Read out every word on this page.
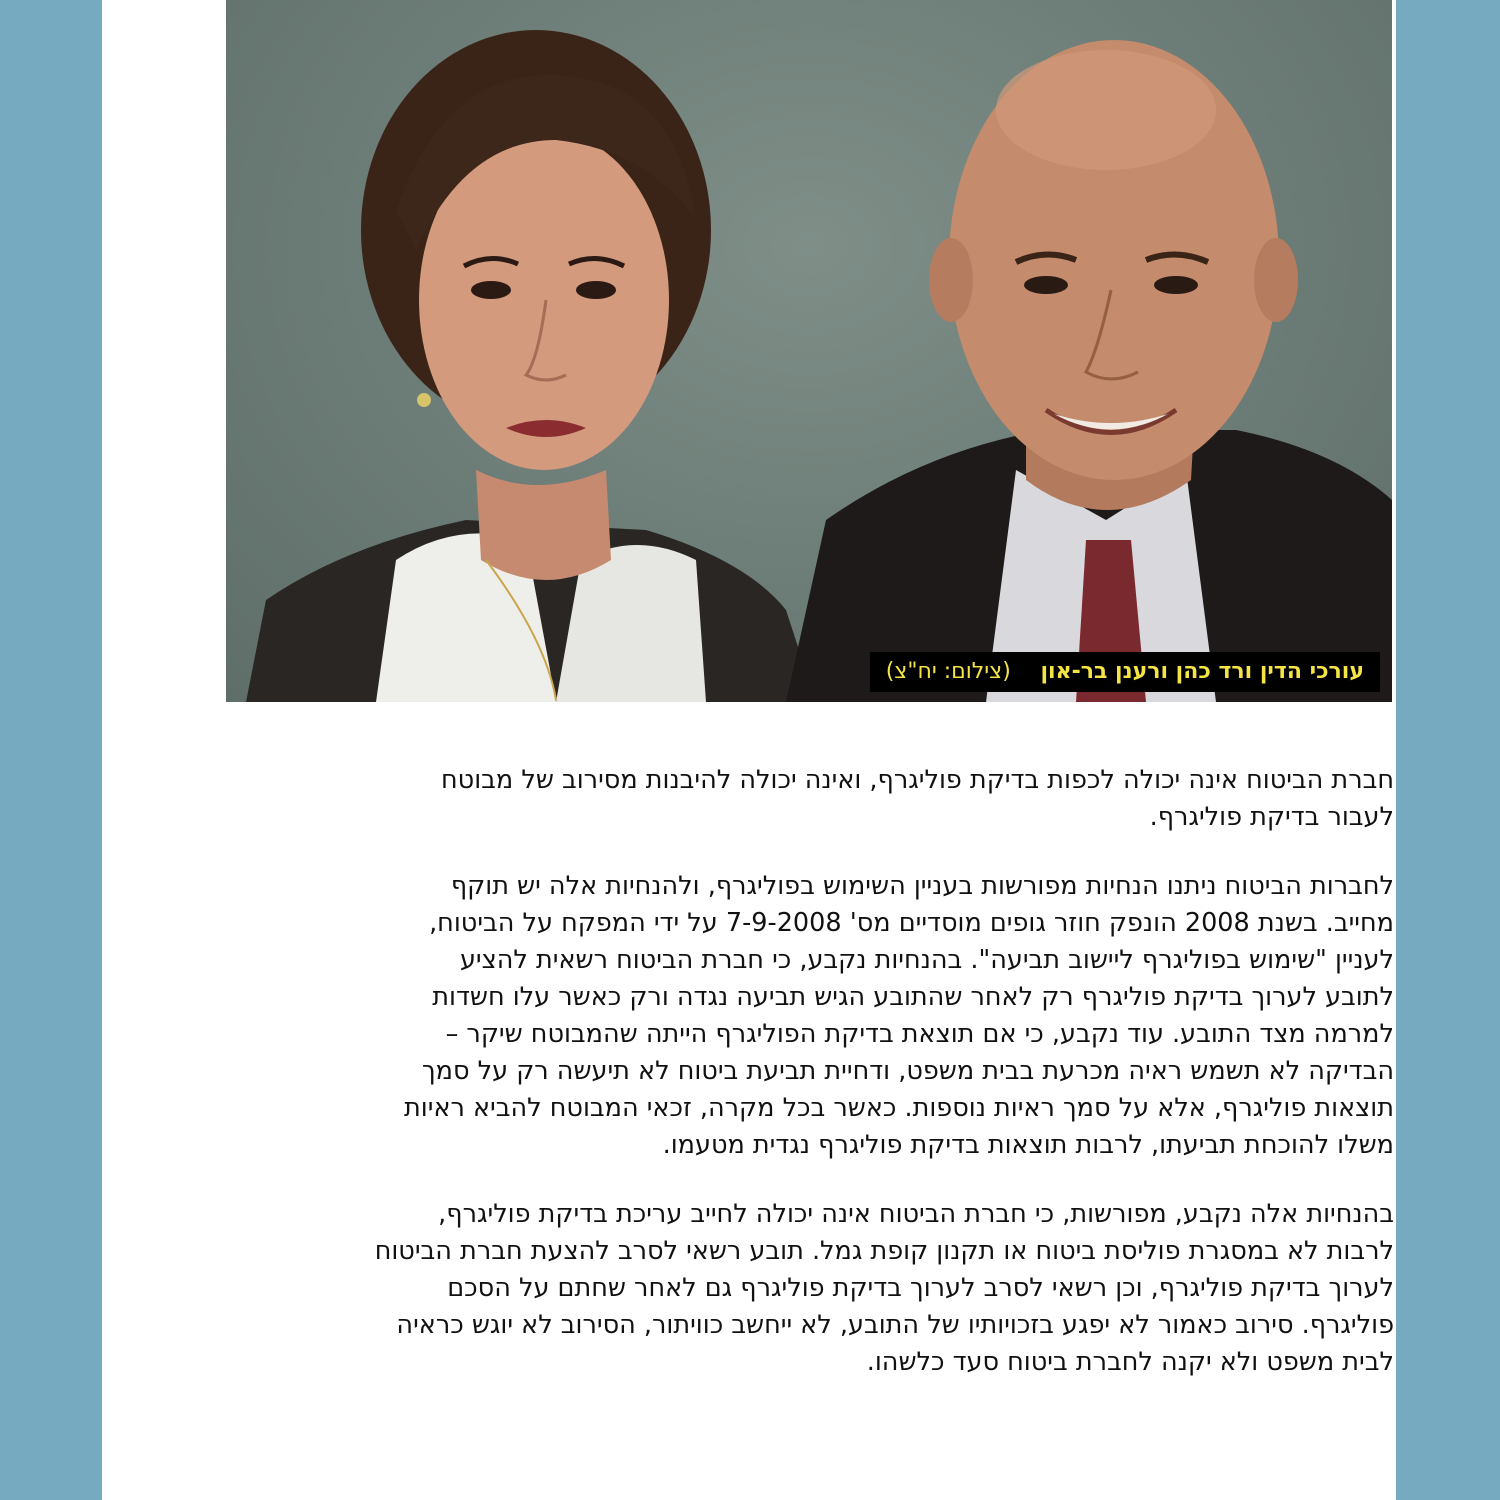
עורכי הדין ורד כהן ורענן בר-און (צילום: יח"צ)

חברת הביטוח אינה יכולה לכפות בדיקת פוליגרף, ואינה יכולה להיבנות מסירוב של מבוטח
לעבור בדיקת פוליגרף.

לחברות הביטוח ניתנו הנחיות מפורשות בעניין השימוש בפוליגרף, ולהנחיות אלה יש תוקף
מחייב. בשנת 2008 הונפק חוזר גופים מוסדיים מס' 7-9-2008 על ידי המפקח על הביטוח,
לעניין "שימוש בפוליגרף ליישוב תביעה". בהנחיות נקבע, כי חברת הביטוח רשאית להציע
לתובע לערוך בדיקת פוליגרף רק לאחר שהתובע הגיש תביעה נגדה ורק כאשר עלו חשדות
למרמה מצד התובע. עוד נקבע, כי אם תוצאת בדיקת הפוליגרף הייתה שהמבוטח שיקר –
הבדיקה לא תשמש ראיה מכרעת בבית משפט, ודחיית תביעת ביטוח לא תיעשה רק על סמך
תוצאות פוליגרף, אלא על סמך ראיות נוספות. כאשר בכל מקרה, זכאי המבוטח להביא ראיות
משלו להוכחת תביעתו, לרבות תוצאות בדיקת פוליגרף נגדית מטעמו.

בהנחיות אלה נקבע, מפורשות, כי חברת הביטוח אינה יכולה לחייב עריכת בדיקת פוליגרף,
לרבות לא במסגרת פוליסת ביטוח או תקנון קופת גמל. תובע רשאי לסרב להצעת חברת הביטוח
לערוך בדיקת פוליגרף, וכן רשאי לסרב לערוך בדיקת פוליגרף גם לאחר שחתם על הסכם
פוליגרף. סירוב כאמור לא יפגע בזכויותיו של התובע, לא ייחשב כוויתור, הסירוב לא יוגש כראיה
לבית משפט ולא יקנה לחברת ביטוח סעד כלשהו.
